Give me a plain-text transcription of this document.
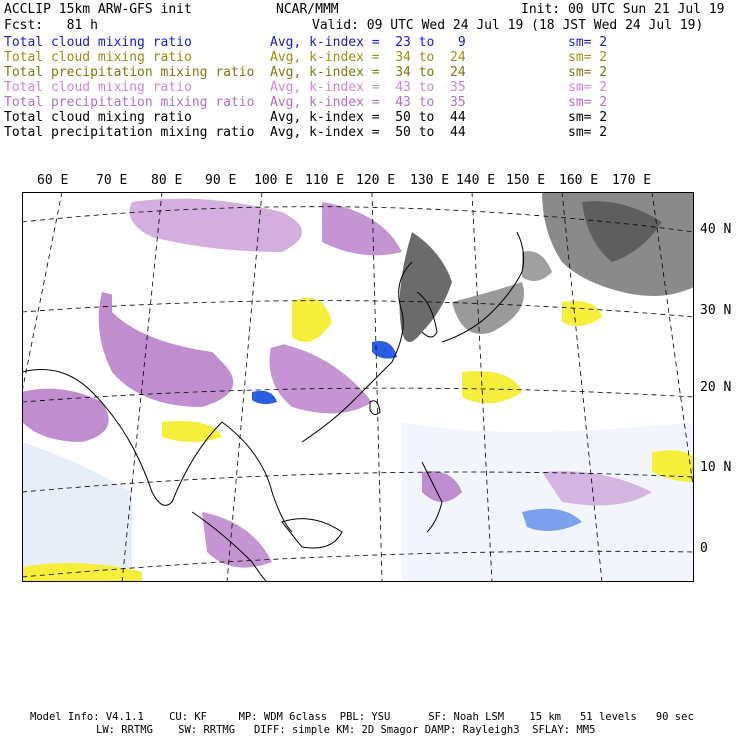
ACCLIP 15km ARW-GFS init	NCAR/MMM	Init: 00 UTC Sun 21 Jul 19
Fcst:   81 h	Valid: 09 UTC Wed 24 Jul 19 (18 JST Wed 24 Jul 19)
Total cloud mixing ratio	Avg, k-index =  23 to   9	sm= 2
Total cloud mixing ratio	Avg, k-index =  34 to  24	sm= 2
Total precipitation mixing ratio Avg, k-index =  34 to  24	sm= 2
Total cloud mixing ratio	Avg, k-index =  43 to  35	sm= 2
Total precipitation mixing ratio Avg, k-index =  43 to  35	sm= 2
Total cloud mixing ratio	Avg, k-index =  50 to  44	sm= 2
Total precipitation mixing ratio Avg, k-index =  50 to  44	sm= 2
60 E 70 E 80 E 90 E 100 E 110 E 120 E 130 E 140 E 150 E 160 E 170 E
40 N
30 N
20 N
10 N
0
Model Info: V4.1.1    CU: KF     MP: WDM 6class  PBL: YSU      SF: Noah LSM    15 km   51 levels   90 sec
LW: RRTMG    SW: RRTMG   DIFF: simple KM: 2D Smagor DAMP: Rayleigh3  SFLAY: MM5
